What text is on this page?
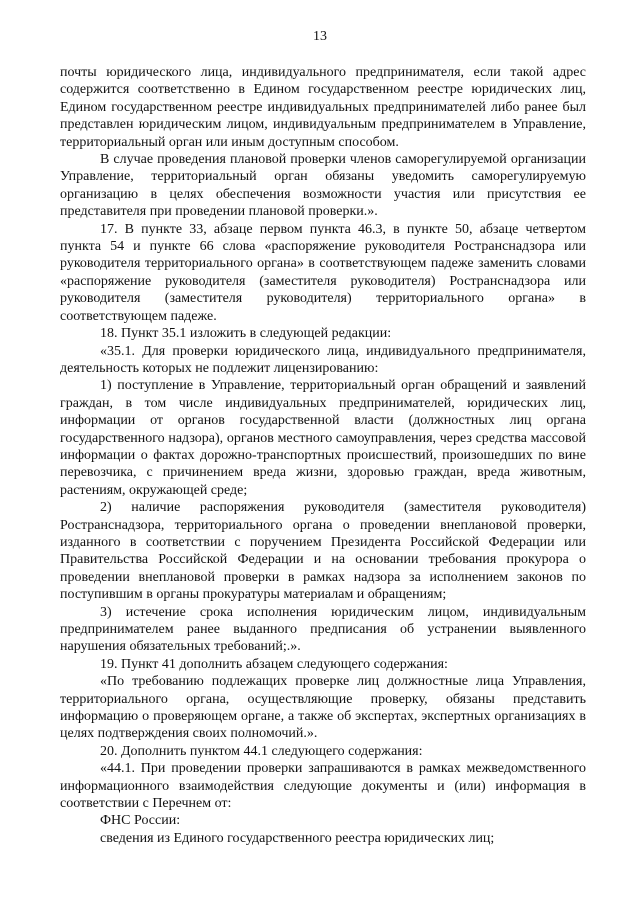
13

почты юридического лица, индивидуального предпринимателя, если такой адрес содержится соответственно в Едином государственном реестре юридических лиц, Едином государственном реестре индивидуальных предпринимателей либо ранее был представлен юридическим лицом, индивидуальным предпринимателем в Управление, территориальный орган или иным доступным способом.

В случае проведения плановой проверки членов саморегулируемой организации Управление, территориальный орган обязаны уведомить саморегулируемую организацию в целях обеспечения возможности участия или присутствия ее представителя при проведении плановой проверки.».

17. В пункте 33, абзаце первом пункта 46.3, в пункте 50, абзаце четвертом пункта 54 и пункте 66 слова «распоряжение руководителя Ространснадзора или руководителя территориального органа» в соответствующем падеже заменить словами «распоряжение руководителя (заместителя руководителя) Ространснадзора или руководителя (заместителя руководителя) территориального органа» в соответствующем падеже.

18. Пункт 35.1 изложить в следующей редакции:

«35.1. Для проверки юридического лица, индивидуального предпринимателя, деятельность которых не подлежит лицензированию:

1) поступление в Управление, территориальный орган обращений и заявлений граждан, в том числе индивидуальных предпринимателей, юридических лиц, информации от органов государственной власти (должностных лиц органа государственного надзора), органов местного самоуправления, через средства массовой информации о фактах дорожно-транспортных происшествий, произошедших по вине перевозчика, с причинением вреда жизни, здоровью граждан, вреда животным, растениям, окружающей среде;

2) наличие распоряжения руководителя (заместителя руководителя) Ространснадзора, территориального органа о проведении внеплановой проверки, изданного в соответствии с поручением Президента Российской Федерации или Правительства Российской Федерации и на основании требования прокурора о проведении внеплановой проверки в рамках надзора за исполнением законов по поступившим в органы прокуратуры материалам и обращениям;

3) истечение срока исполнения юридическим лицом, индивидуальным предпринимателем ранее выданного предписания об устранении выявленного нарушения обязательных требований;.».

19. Пункт 41 дополнить абзацем следующего содержания:

«По требованию подлежащих проверке лиц должностные лица Управления, территориального органа, осуществляющие проверку, обязаны представить информацию о проверяющем органе, а также об экспертах, экспертных организациях в целях подтверждения своих полномочий.».

20. Дополнить пунктом 44.1 следующего содержания:

«44.1. При проведении проверки запрашиваются в рамках межведомственного информационного взаимодействия следующие документы и (или) информация в соответствии с Перечнем от:

ФНС России:

сведения из Единого государственного реестра юридических лиц;
